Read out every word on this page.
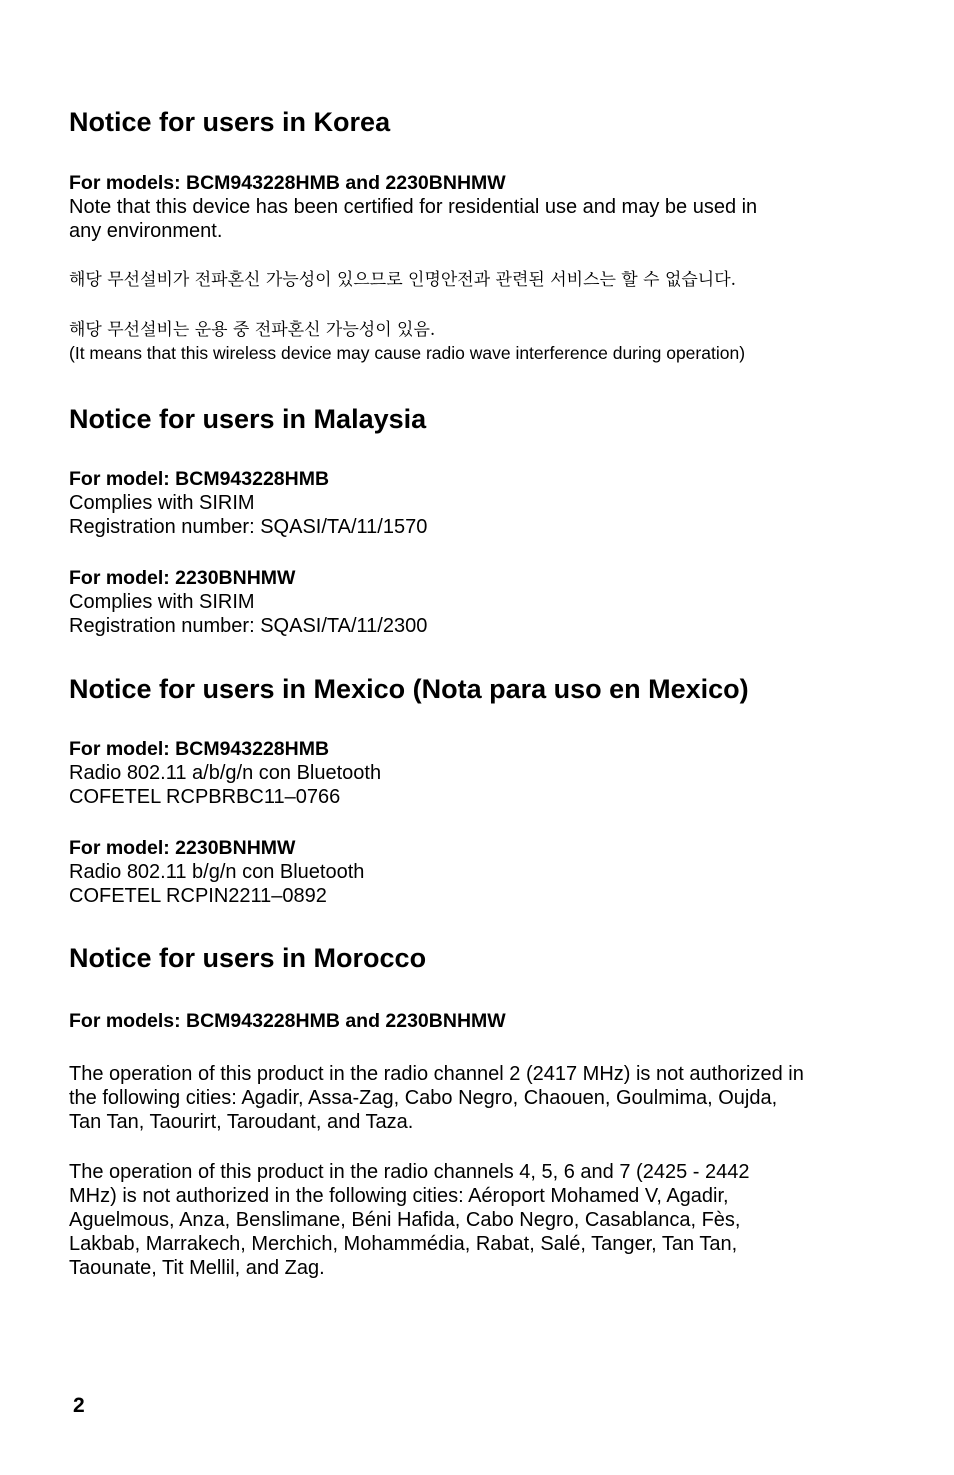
Notice for users in Korea
For models: BCM943228HMB and 2230BNHMW
Note that this device has been certified for residential use and may be used in
any environment.
해당 무선설비가 전파혼신 가능성이 있으므로 인명안전과 관련된 서비스는 할 수 없습니다.
해당 무선설비는 운용 중 전파혼신 가능성이 있음.
(It means that this wireless device may cause radio wave interference during operation)
Notice for users in Malaysia
For model: BCM943228HMB
Complies with SIRIM
Registration number: SQASI/TA/11/1570
For model: 2230BNHMW
Complies with SIRIM
Registration number: SQASI/TA/11/2300
Notice for users in Mexico (Nota para uso en Mexico)
For model: BCM943228HMB
Radio 802.11 a/b/g/n con Bluetooth
COFETEL RCPBRBC11–0766
For model: 2230BNHMW
Radio 802.11 b/g/n con Bluetooth
COFETEL RCPIN2211–0892
Notice for users in Morocco
For models: BCM943228HMB and 2230BNHMW
The operation of this product in the radio channel 2 (2417 MHz) is not authorized in
the following cities: Agadir, Assa-Zag, Cabo Negro, Chaouen, Goulmima, Oujda,
Tan Tan, Taourirt, Taroudant, and Taza.
The operation of this product in the radio channels 4, 5, 6 and 7 (2425 - 2442
MHz) is not authorized in the following cities: Aéroport Mohamed V, Agadir,
Aguelmous, Anza, Benslimane, Béni Hafida, Cabo Negro, Casablanca, Fès,
Lakbab, Marrakech, Merchich, Mohammédia, Rabat, Salé, Tanger, Tan Tan,
Taounate, Tit Mellil, and Zag.
2
